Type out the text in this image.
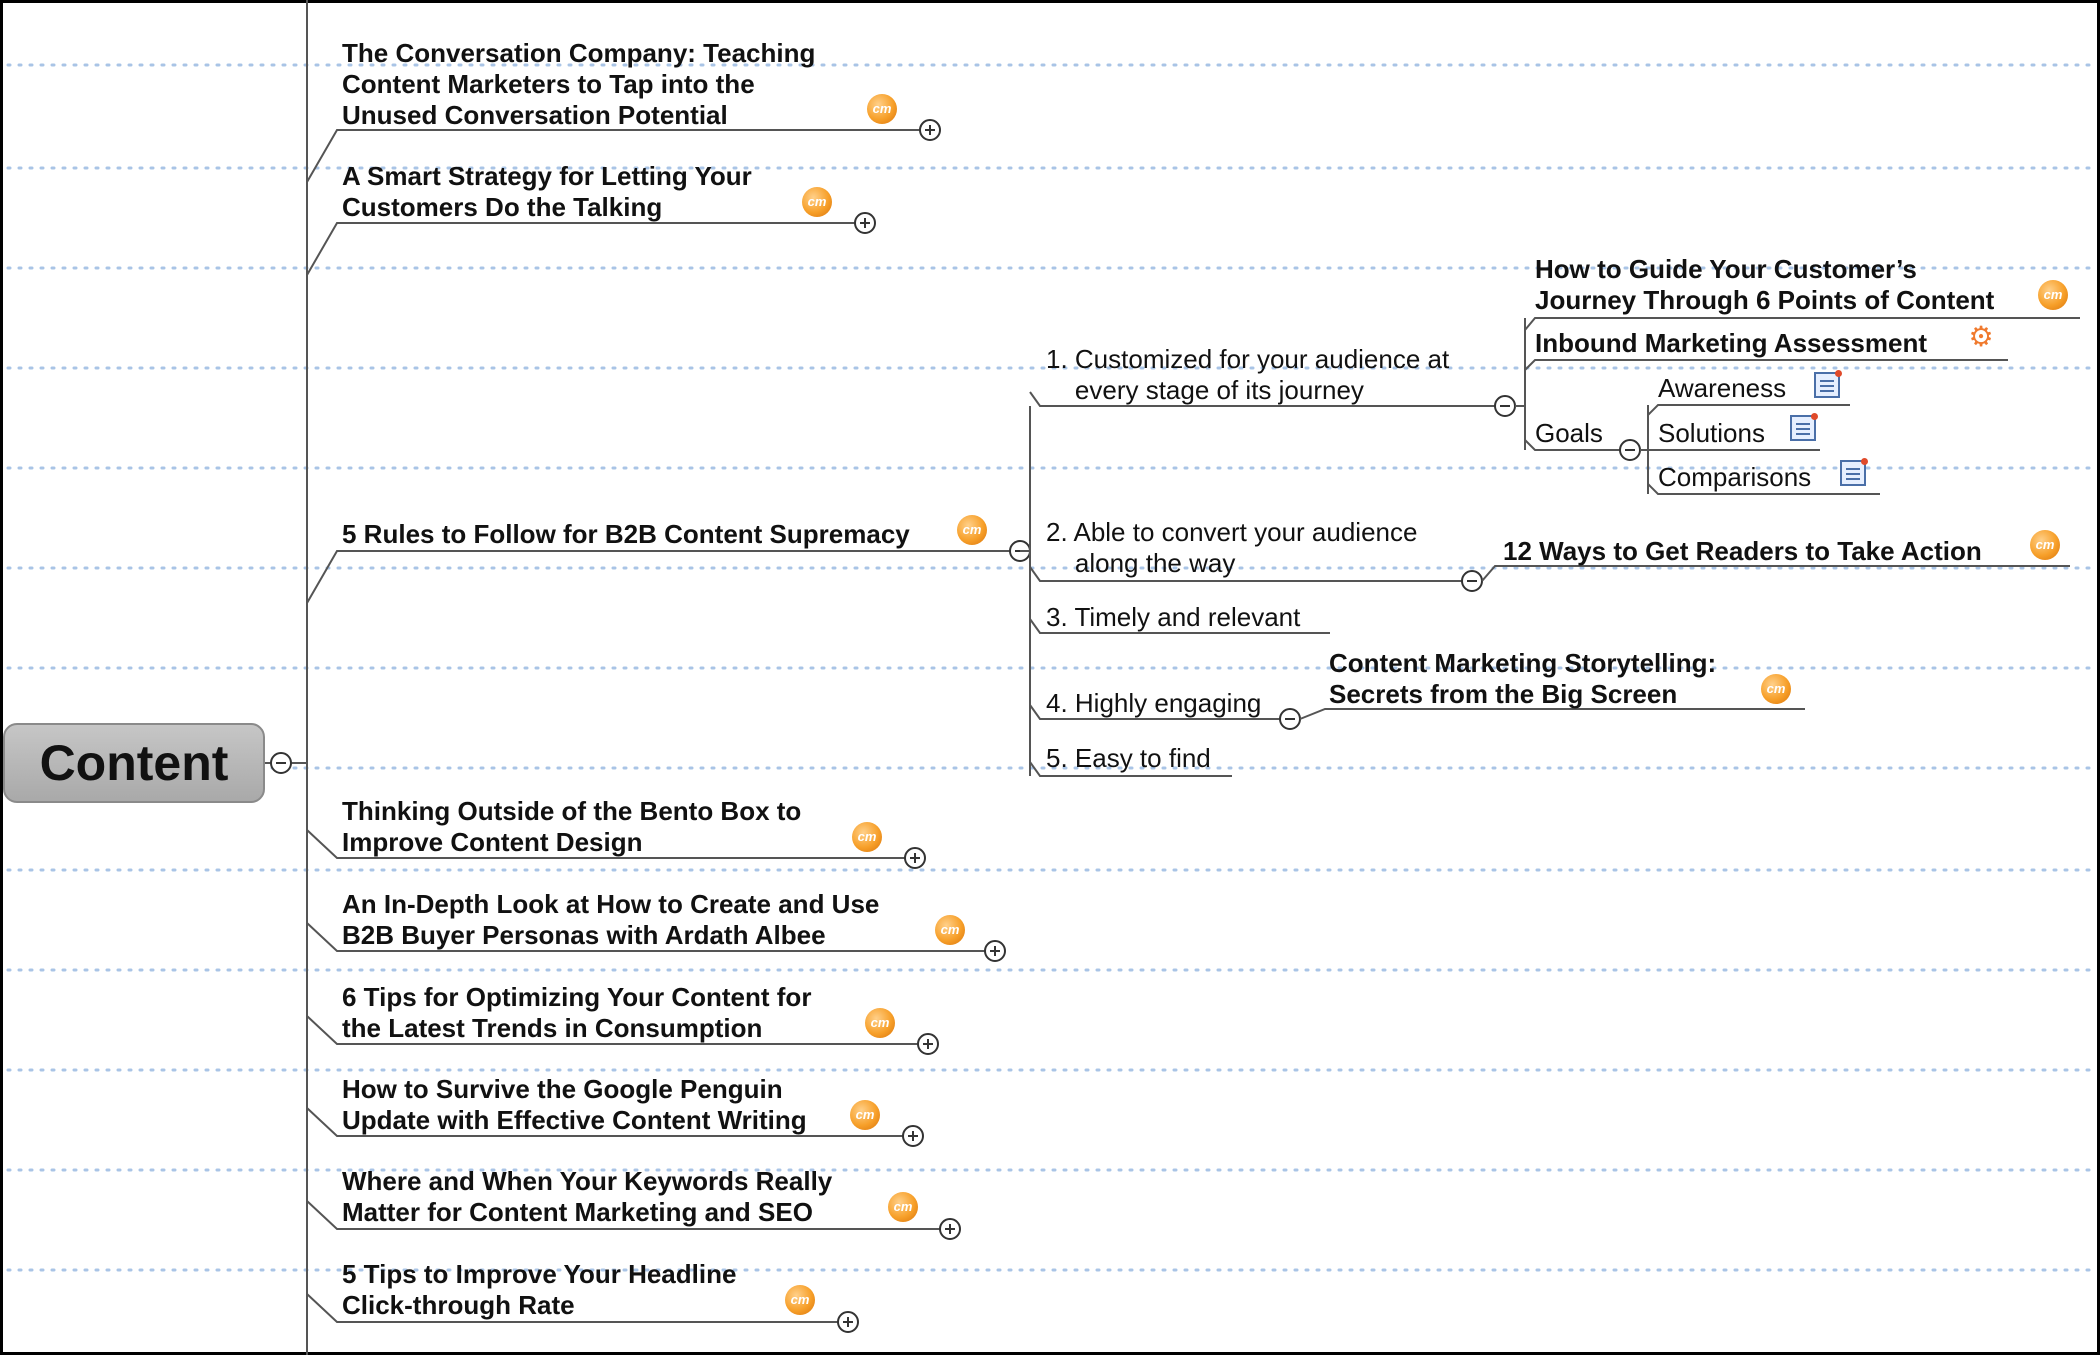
Content
The Conversation Company: Teaching
Content Marketers to Tap into the
Unused Conversation Potential
A Smart Strategy for Letting Your
Customers Do the Talking
5 Rules to Follow for B2B Content Supremacy
Thinking Outside of the Bento Box to
Improve Content Design
An In-Depth Look at How to Create and Use
B2B Buyer Personas with Ardath Albee
6 Tips for Optimizing Your Content for
the Latest Trends in Consumption
How to Survive the Google Penguin
Update with Effective Content Writing
Where and When Your Keywords Really
Matter for Content Marketing and SEO
5 Tips to Improve Your Headline
Click-through Rate
1. Customized for your audience at
every stage of its journey
2. Able to convert your audience
along the way
3. Timely and relevant
4. Highly engaging
5. Easy to find
How to Guide Your Customer’s
Journey Through 6 Points of Content
Inbound Marketing Assessment
Goals
Awareness
Solutions
Comparisons
12 Ways to Get Readers to Take Action
Content Marketing Storytelling:
Secrets from the Big Screen
cm
cm
cm
cm
cm
cm
cm
cm
cm
cm
cm
cm
⚙
